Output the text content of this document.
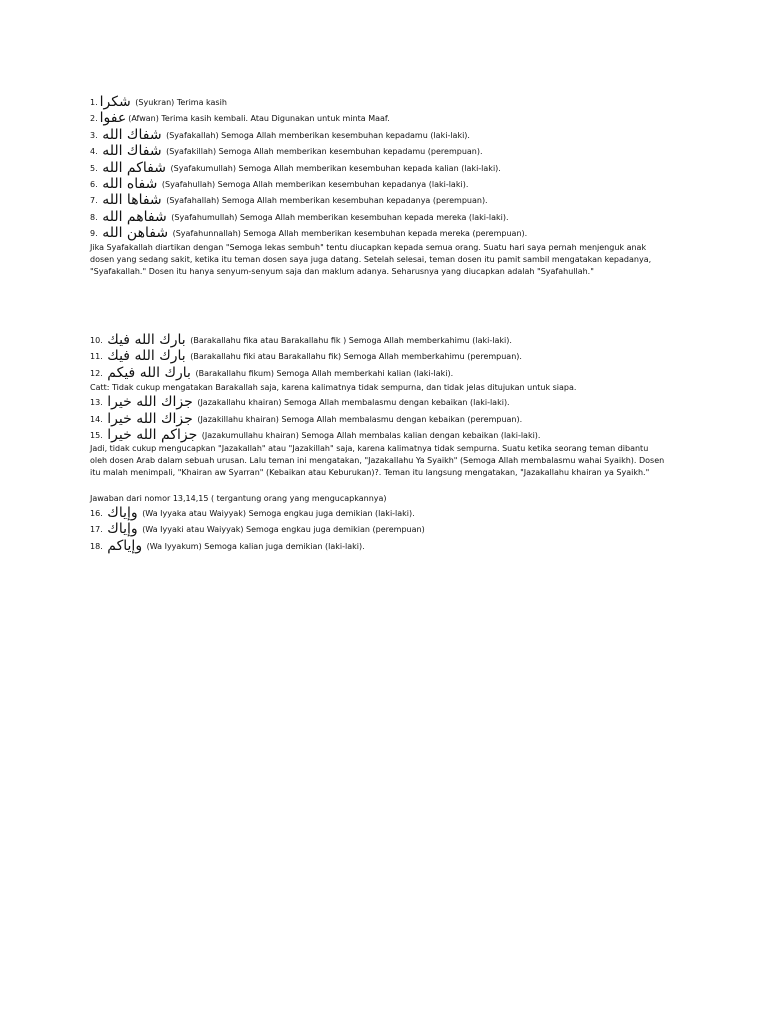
1. شكرا (Syukran) Terima kasih
2. عفوا (Afwan) Terima kasih kembali. Atau Digunakan untuk minta Maaf.
3. شفاك الله (Syafakallah) Semoga Allah memberikan kesembuhan kepadamu (laki-laki).
4. شفاك الله (Syafakillah) Semoga Allah memberikan kesembuhan kepadamu (perempuan).
5. شفاكم الله (Syafakumullah) Semoga Allah memberikan kesembuhan kepada kalian (laki-laki).
6. شفاه الله (Syafahullah) Semoga Allah memberikan kesembuhan kepadanya (laki-laki).
7. شفاها الله (Syafahallah) Semoga Allah memberikan kesembuhan kepadanya (perempuan).
8. شفاهم الله (Syafahumullah) Semoga Allah memberikan kesembuhan kepada mereka (laki-laki).
9. شفاهن الله (Syafahunnallah) Semoga Allah memberikan kesembuhan kepada mereka (perempuan).

Jika Syafakallah diartikan dengan "Semoga lekas sembuh" tentu diucapkan kepada semua orang. Suatu hari saya pernah menjenguk anak
dosen yang sedang sakit, ketika itu teman dosen saya juga datang. Setelah selesai, teman dosen itu pamit sambil mengatakan kepadanya,
"Syafakallah." Dosen itu hanya senyum-senyum saja dan maklum adanya. Seharusnya yang diucapkan adalah "Syafahullah."

10. بارك الله فيك (Barakallahu fika atau Barakallahu fik ) Semoga Allah memberkahimu (laki-laki).
11. بارك الله فيك (Barakallahu fiki atau Barakallahu fik) Semoga Allah memberkahimu (perempuan).
12. بارك الله فيكم (Barakallahu fikum) Semoga Allah memberkahi kalian (laki-laki).

Catt: Tidak cukup mengatakan Barakallah saja, karena kalimatnya tidak sempurna, dan tidak jelas ditujukan untuk siapa.

13. جزاك الله خيرا (Jazakallahu khairan) Semoga Allah membalasmu dengan kebaikan (laki-laki).
14. جزاك الله خيرا (Jazakillahu khairan) Semoga Allah membalasmu dengan kebaikan (perempuan).
15. جزاكم الله خيرا (Jazakumullahu khairan) Semoga Allah membalas kalian dengan kebaikan (laki-laki).

Jadi, tidak cukup mengucapkan "Jazakallah" atau "Jazakillah" saja, karena kalimatnya tidak sempurna. Suatu ketika seorang teman dibantu
oleh dosen Arab dalam sebuah urusan. Lalu teman ini mengatakan, "Jazakallahu Ya Syaikh" (Semoga Allah membalasmu wahai Syaikh). Dosen
itu malah menimpali, "Khairan aw Syarran" (Kebaikan atau Keburukan)?. Teman itu langsung mengatakan, "Jazakallahu khairan ya Syaikh."

Jawaban dari nomor 13,14,15 ( tergantung orang yang mengucapkannya)

16. وإياك (Wa Iyyaka atau Waiyyak) Semoga engkau juga demikian (laki-laki).
17. وإياك (Wa Iyyaki atau Waiyyak) Semoga engkau juga demikian (perempuan)
18. وإياكم (Wa Iyyakum) Semoga kalian juga demikian (laki-laki).
